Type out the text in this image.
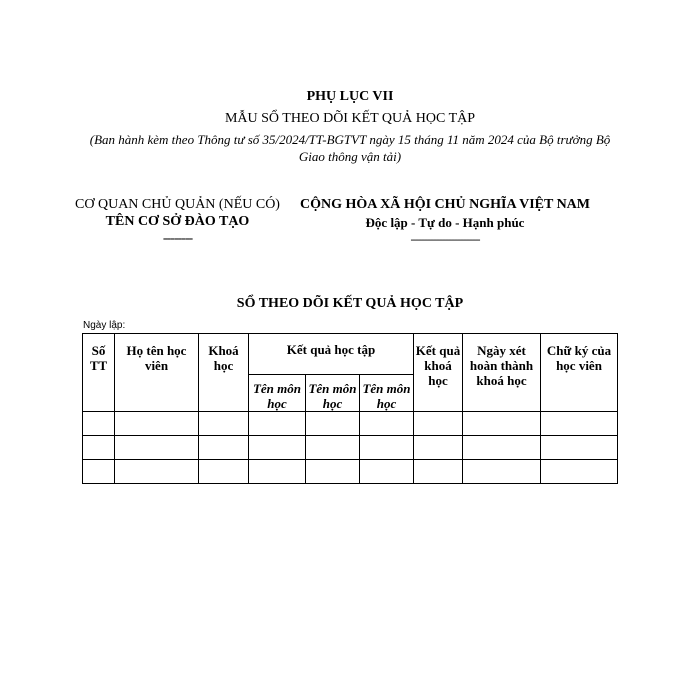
PHỤ LỤC VII
MẪU SỔ THEO DÕI KẾT QUẢ HỌC TẬP
(Ban hành kèm theo Thông tư số 35/2024/TT-BGTVT ngày 15 tháng 11 năm 2024 của Bộ trưởng Bộ Giao thông vận tải)
CƠ QUAN CHỦ QUẢN (NẾU CÓ)
TÊN CƠ SỞ ĐÀO TẠO
--------
CỘNG HÒA XÃ HỘI CHỦ NGHĨA VIỆT NAM
Độc lập - Tự do - Hạnh phúc
-----------------------
SỔ THEO DÕI KẾT QUẢ HỌC TẬP
Ngày lập:
Số TT	Họ tên học viên	Khoá học	Kết quả học tập			Kết quả khoá học	Ngày xét hoàn thành khoá học	Chữ ký của học viên
			Tên môn học	Tên môn học	Tên môn học			
